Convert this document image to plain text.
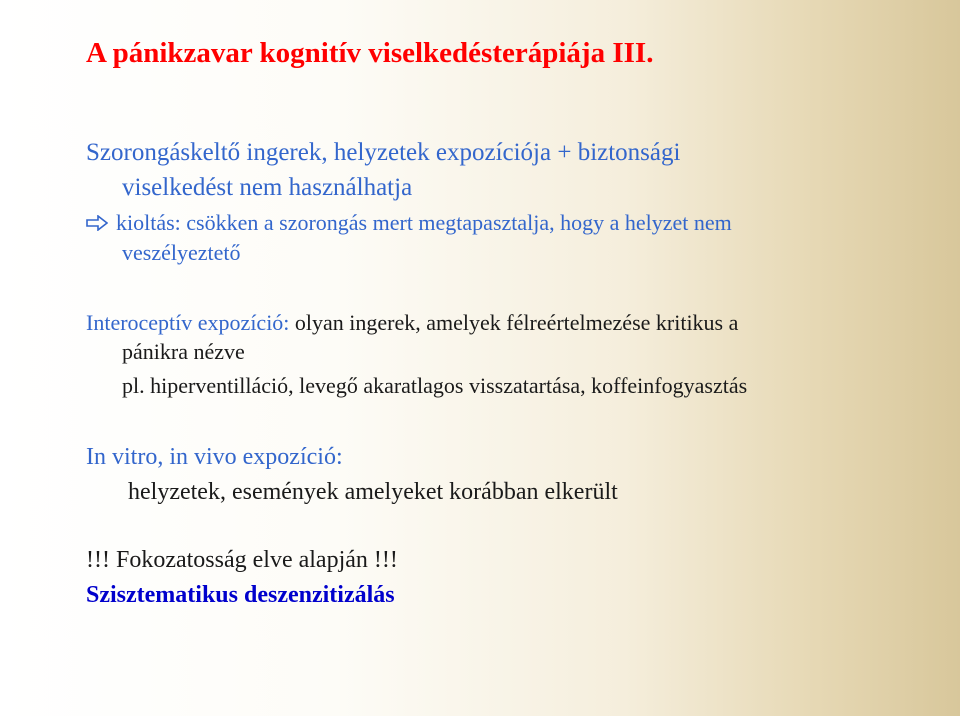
A pánikzavar kognitív viselkedésterápiája III.
Szorongáskeltő ingerek, helyzetek expozíciója + biztonsági
viselkedést nem használhatja
kioltás: csökken a szorongás mert megtapasztalja, hogy a helyzet nem
veszélyeztető
Interoceptív expozíció: olyan ingerek, amelyek félreértelmezése kritikus a
pánikra nézve
pl. hiperventilláció, levegő akaratlagos visszatartása, koffeinfogyasztás
In vitro, in vivo expozíció:
helyzetek, események amelyeket korábban elkerült
!!! Fokozatosság elve alapján !!!
Szisztematikus deszenzitizálás
